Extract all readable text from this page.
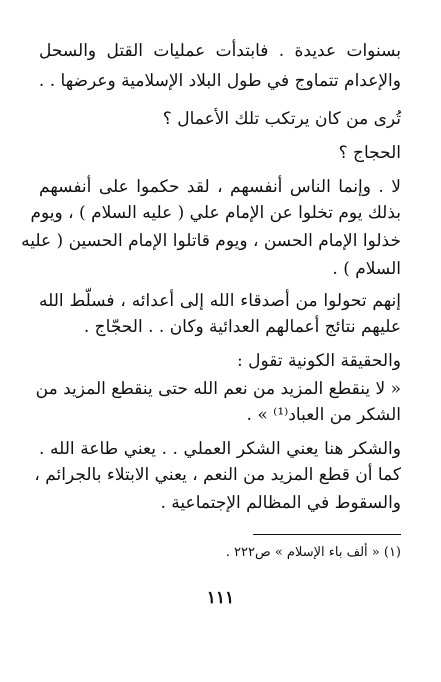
بسنوات عديدة . فابتدأت عمليات القتل والسحل
والإعدام تتماوج في طول البلاد الإسلامية وعرضها . .
تُرى من كان يرتكب تلك الأعمال ؟
الحجاج ؟
لا . وإنما الناس أنفسهم ، لقد حكموا على أنفسهم
بذلك يوم تخلوا عن الإمام علي ( عليه السلام ) ، ويوم
خذلوا الإمام الحسن ، ويوم قاتلوا الإمام الحسين ( عليه
السلام ) .
إنهم تحولوا من أصدقاء الله إلى أعدائه ، فسلّط الله
عليهم نتائج أعمالهم العدائية وكان . . الحجّاج .
والحقيقة الكونية تقول :
« لا ينقطع المزيد من نعم الله حتى ينقطع المزيد من
الشكر من العباد⁽¹⁾ » .
والشكر هنا يعني الشكر العملي . . يعني طاعة الله .
كما أن قطع المزيد من النعم ، يعني الابتلاء بالجرائم ،
والسقوط في المظالم الإجتماعية .
(١) « ألف باء الإسلام » ص٢٢٢ .
١١١
